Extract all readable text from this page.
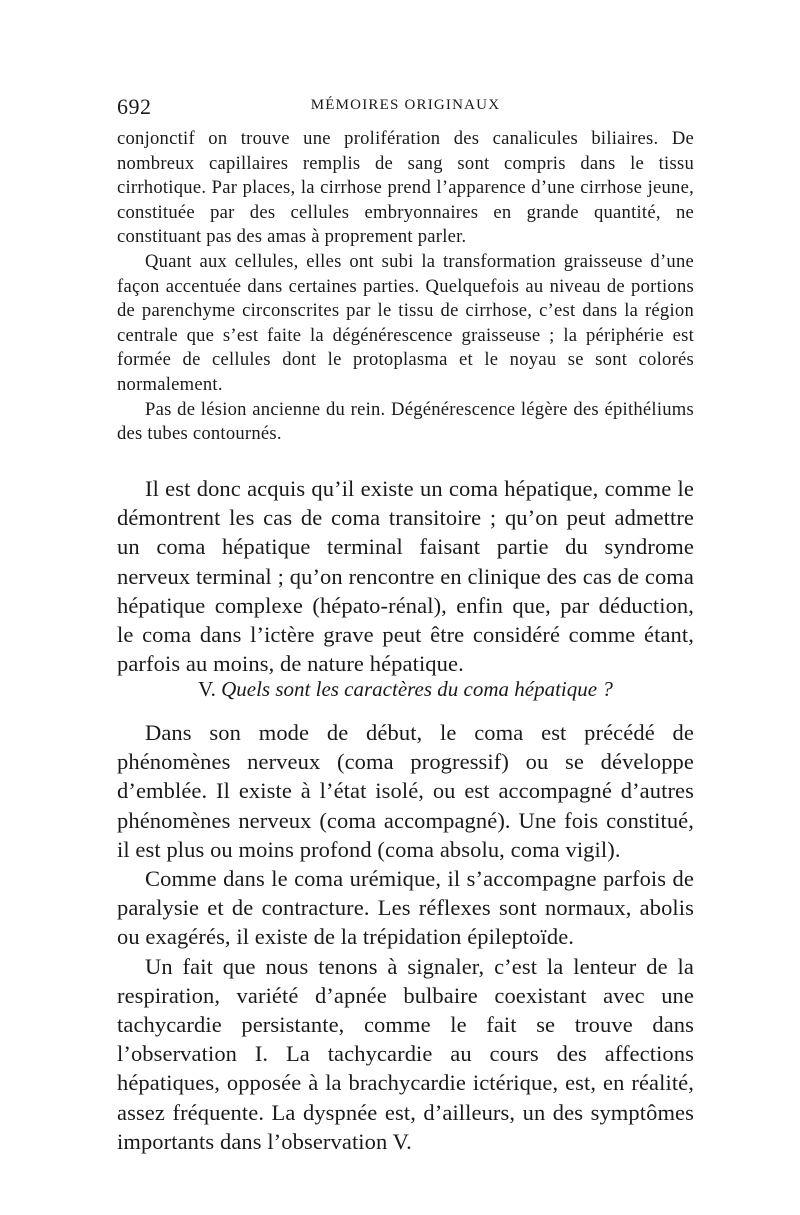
692	MÉMOIRES ORIGINAUX

conjonctif on trouve une prolifération des canalicules biliaires. De nombreux capillaires remplis de sang sont compris dans le tissu cirrhotique. Par places, la cirrhose prend l’apparence d’une cirrhose jeune, constituée par des cellules embryonnaires en grande quantité, ne constituant pas des amas à proprement parler.

Quant aux cellules, elles ont subi la transformation graisseuse d’une façon accentuée dans certaines parties. Quelquefois au niveau de portions de parenchyme circonscrites par le tissu de cirrhose, c’est dans la région centrale que s’est faite la dégénérescence graisseuse ; la périphérie est formée de cellules dont le protoplasma et le noyau se sont colorés normalement.

Pas de lésion ancienne du rein. Dégénérescence légère des épithéliums des tubes contournés.

Il est donc acquis qu’il existe un coma hépatique, comme le démontrent les cas de coma transitoire ; qu’on peut admettre un coma hépatique terminal faisant partie du syndrome nerveux terminal ; qu’on rencontre en clinique des cas de coma hépatique complexe (hépato-rénal), enfin que, par déduction, le coma dans l’ictère grave peut être considéré comme étant, parfois au moins, de nature hépatique.

V. Quels sont les caractères du coma hépatique ?

Dans son mode de début, le coma est précédé de phénomènes nerveux (coma progressif) ou se développe d’emblée. Il existe à l’état isolé, ou est accompagné d’autres phénomènes nerveux (coma accompagné). Une fois constitué, il est plus ou moins profond (coma absolu, coma vigil).

Comme dans le coma urémique, il s’accompagne parfois de paralysie et de contracture. Les réflexes sont normaux, abolis ou exagérés, il existe de la trépidation épileptoïde.

Un fait que nous tenons à signaler, c’est la lenteur de la respiration, variété d’apnée bulbaire coexistant avec une tachycardie persistante, comme le fait se trouve dans l’observation I. La tachycardie au cours des affections hépatiques, opposée à la brachycardie ictérique, est, en réalité, assez fréquente. La dyspnée est, d’ailleurs, un des symptômes importants dans l’observation V.
